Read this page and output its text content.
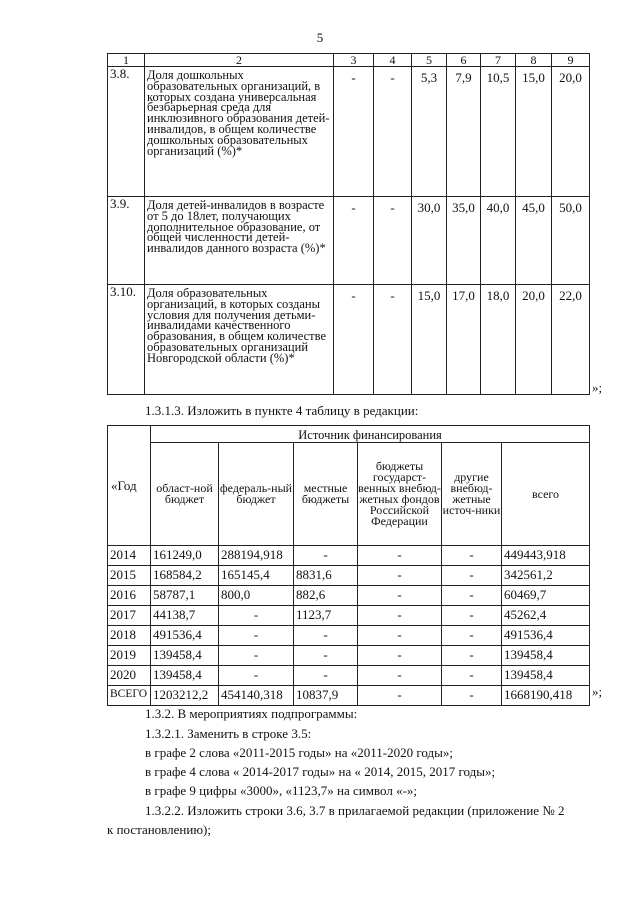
5
1	2	3	4	5	6	7	8	9
3.8.	Доля дошкольных образовательных организаций, в которых создана универсальная безбарьерная среда для инклюзивного образования детей-инвалидов, в общем количестве дошкольных образовательных организаций (%)*	-	-	5,3	7,9	10,5	15,0	20,0
3.9.	Доля детей-инвалидов в возрасте от 5 до 18лет, получающих дополнительное образование, от общей численности детей-инвалидов данного возраста (%)*	-	-	30,0	35,0	40,0	45,0	50,0
3.10.	Доля образовательных организаций, в которых созданы условия для получения детьми-инвалидами качественного образования, в общем количестве образовательных организаций Новгородской области (%)*	-	-	15,0	17,0	18,0	20,0	22,0
»;
1.3.1.3. Изложить в пункте 4 таблицу в редакции:
«Год	Источник финансирования					
	област-ной бюджет	федераль-ный бюджет	местные бюджеты	бюджеты государст-венных внебюд-жетных фондов Российской Федерации	другие внебюд-жетные источ-ники	всего
2014	161249,0	288194,918	-	-	-	449443,918
2015	168584,2	165145,4	8831,6	-	-	342561,2
2016	58787,1	800,0	882,6	-	-	60469,7
2017	44138,7	-	1123,7	-	-	45262,4
2018	491536,4	-	-	-	-	491536,4
2019	139458,4	-	-	-	-	139458,4
2020	139458,4	-	-	-	-	139458,4
ВСЕГО	1203212,2	454140,318	10837,9	-	-	1668190,418 »;
1.3.2. В мероприятиях подпрограммы:
1.3.2.1. Заменить в строке 3.5:
в графе 2 слова «2011-2015 годы» на «2011-2020 годы»;
в графе 4 слова « 2014-2017 годы» на « 2014, 2015, 2017 годы»;
в графе 9 цифры «3000», «1123,7» на символ «-»;
1.3.2.2. Изложить строки 3.6, 3.7 в прилагаемой редакции (приложение № 2
к постановлению);
